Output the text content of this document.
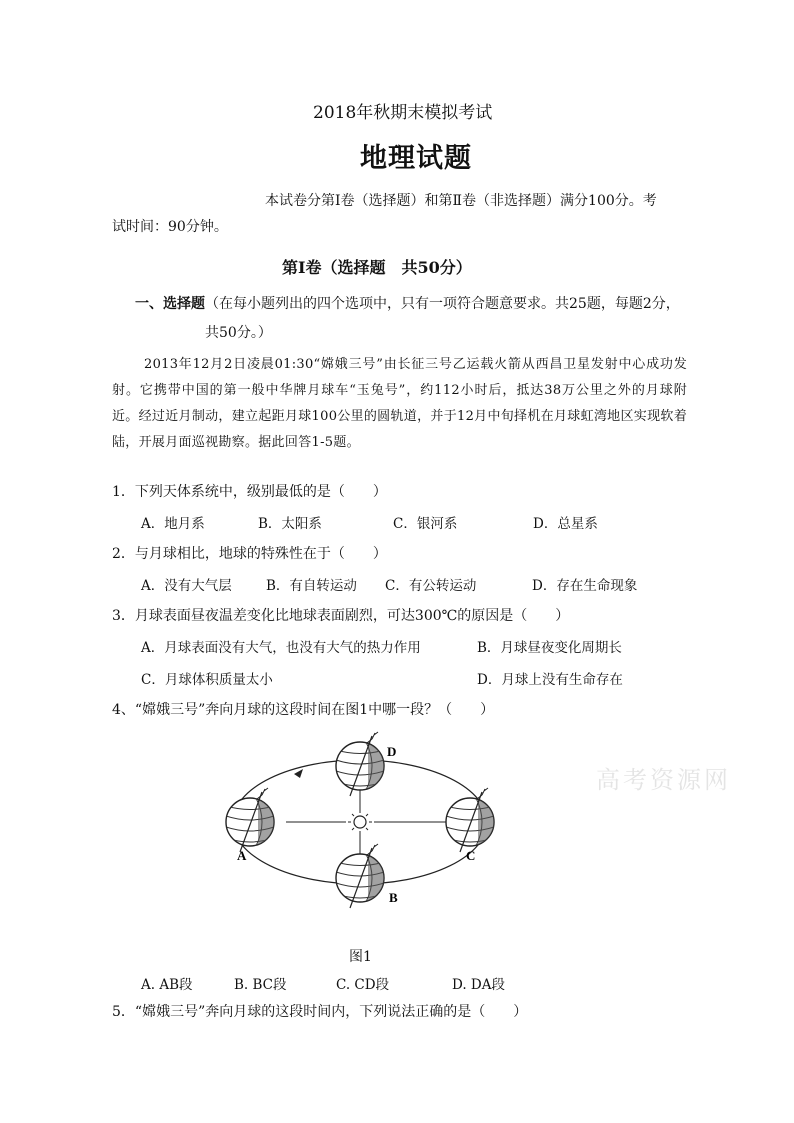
2018年秋期末模拟考试
地理试题
本试卷分第Ⅰ卷（选择题）和第Ⅱ卷（非选择题）满分100分。考
试时间：90分钟。
第Ⅰ卷（选择题　共50分）
一、选择题（在每小题列出的四个选项中，只有一项符合题意要求。共25题，每题2分，
共50分。）
2013年12月2日凌晨01:30“嫦娥三号”由长征三号乙运载火箭从西昌卫星发射中心成功发射。它携带中国的第一般中华牌月球车“玉兔号”，约112小时后，抵达38万公里之外的月球附近。经过近月制动，建立起距月球100公里的圆轨道，并于12月中旬择机在月球虹湾地区实现软着陆，开展月面巡视勘察。据此回答1-5题。
1．下列天体系统中，级别最低的是（　　）
A．地月系	B．太阳系	C．银河系	D．总星系
2．与月球相比，地球的特殊性在于（　　）
A．没有大气层	B．有自转运动 C．有公转运动	D．存在生命现象
3．月球表面昼夜温差变化比地球表面剧烈，可达300℃的原因是（　　）
A．月球表面没有大气，也没有大气的热力作用	B．月球昼夜变化周期长
C．月球体积质量太小	D．月球上没有生命存在
4、“嫦娥三号”奔向月球的这段时间在图1中哪一段？（　　）
A
B
C
D
高考资源网
图1
A. AB段	B. BC段	C. CD段	D. DA段
5．“嫦娥三号”奔向月球的这段时间内，下列说法正确的是（　　）
